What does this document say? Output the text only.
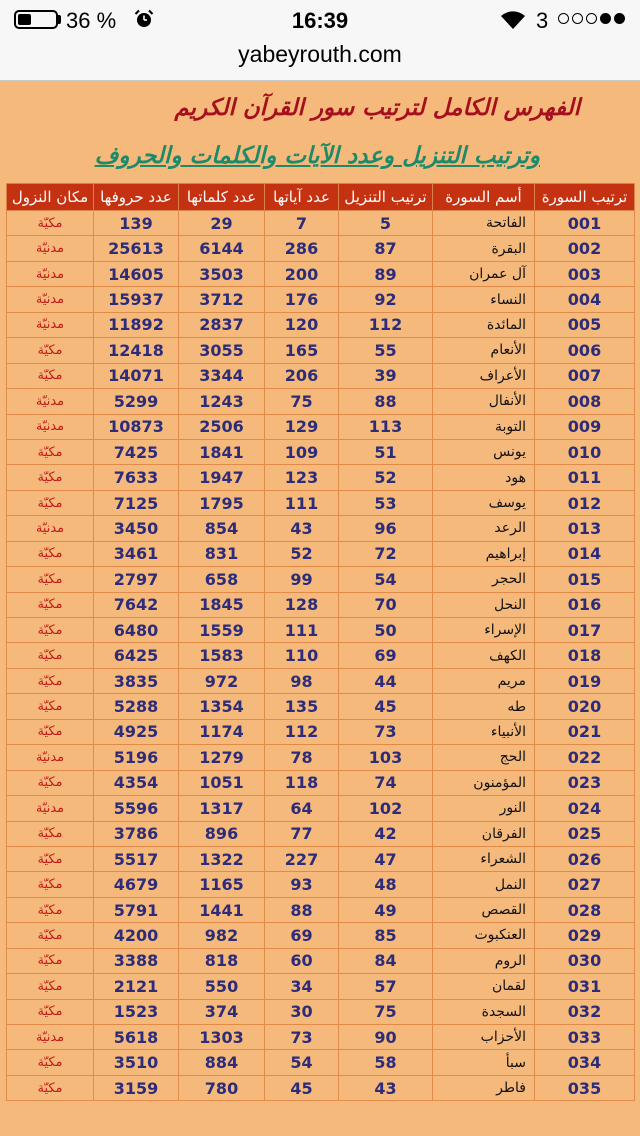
36 %	16:39	3
yabeyrouth.com
الفهرس الكامل لترتيب سور القرآن الكريم
وترتيب التنزيل وعدد الآيات والكلمات والحروف
ترتيب السورة	أسم السورة	ترتيب التنزيل	عدد آياتها	عدد كلماتها	عدد حروفها	مكان النزول
001	الفاتحة	5	7	29	139	مكيّة
002	البقرة	87	286	6144	25613	مدنيّة
003	آل عمران	89	200	3503	14605	مدنيّة
004	النساء	92	176	3712	15937	مدنيّة
005	المائدة	112	120	2837	11892	مدنيّة
006	الأنعام	55	165	3055	12418	مكيّة
007	الأعراف	39	206	3344	14071	مكيّة
008	الأنفال	88	75	1243	5299	مدنيّة
009	التوبة	113	129	2506	10873	مدنيّة
010	يونس	51	109	1841	7425	مكيّة
011	هود	52	123	1947	7633	مكيّة
012	يوسف	53	111	1795	7125	مكيّة
013	الرعد	96	43	854	3450	مدنيّة
014	إبراهيم	72	52	831	3461	مكيّة
015	الحجر	54	99	658	2797	مكيّة
016	النحل	70	128	1845	7642	مكيّة
017	الإسراء	50	111	1559	6480	مكيّة
018	الكهف	69	110	1583	6425	مكيّة
019	مريم	44	98	972	3835	مكيّة
020	طه	45	135	1354	5288	مكيّة
021	الأنبياء	73	112	1174	4925	مكيّة
022	الحج	103	78	1279	5196	مدنيّة
023	المؤمنون	74	118	1051	4354	مكيّة
024	النور	102	64	1317	5596	مدنيّة
025	الفرقان	42	77	896	3786	مكيّة
026	الشعراء	47	227	1322	5517	مكيّة
027	النمل	48	93	1165	4679	مكيّة
028	القصص	49	88	1441	5791	مكيّة
029	العنكبوت	85	69	982	4200	مكيّة
030	الروم	84	60	818	3388	مكيّة
031	لقمان	57	34	550	2121	مكيّة
032	السجدة	75	30	374	1523	مكيّة
033	الأحزاب	90	73	1303	5618	مدنيّة
034	سبأ	58	54	884	3510	مكيّة
035	فاطر	43	45	780	3159	مكيّة
